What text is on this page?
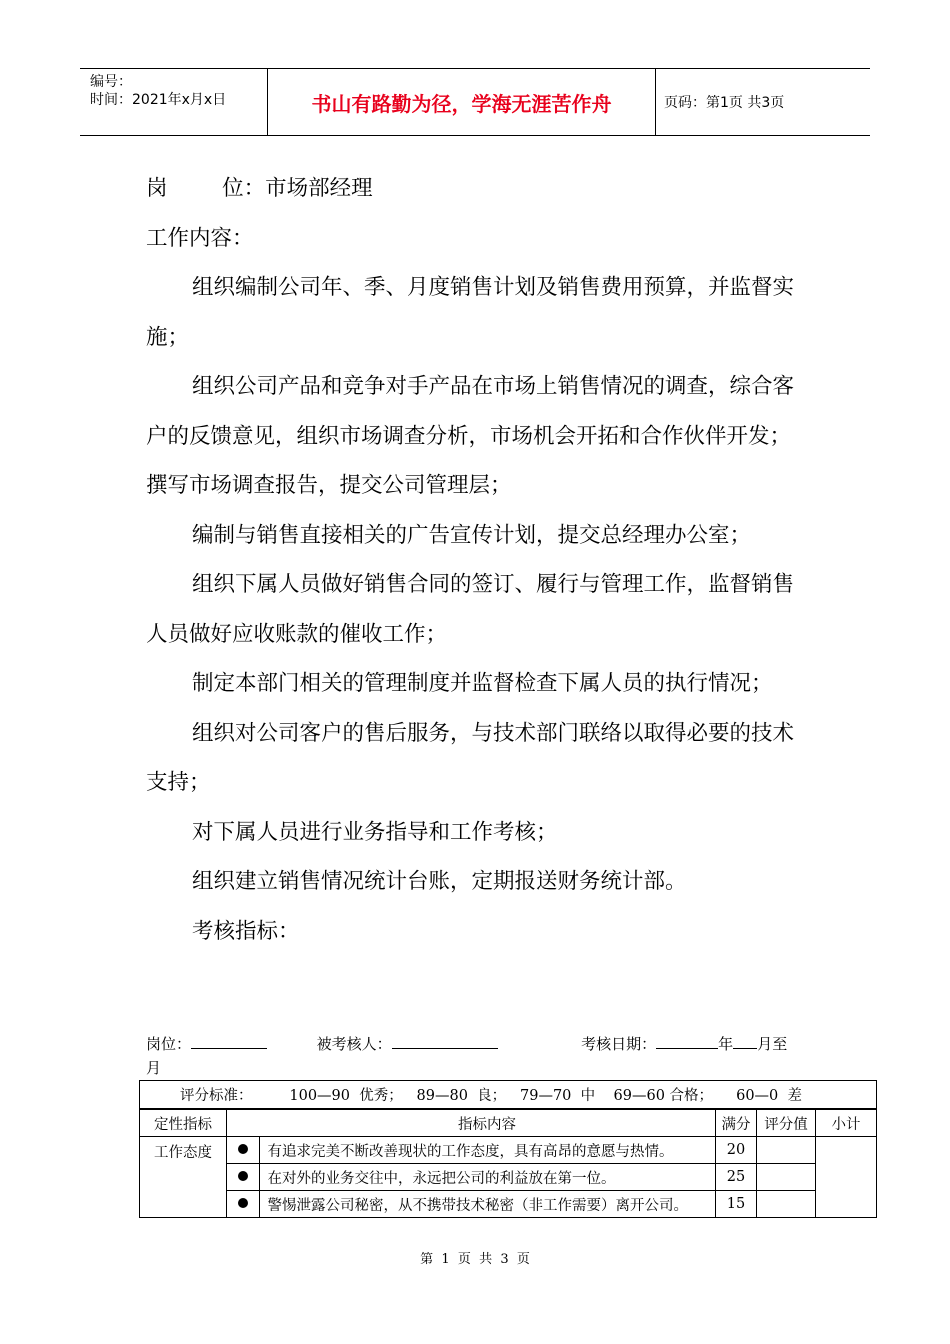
编号：
时间：2021年x月x日	书山有路勤为径，学海无涯苦作舟	页码：第1页 共3页

岗        位：市场部经理

工作内容：

组织编制公司年、季、月度销售计划及销售费用预算，并监督实施；

组织公司产品和竞争对手产品在市场上销售情况的调查，综合客户的反馈意见，组织市场调查分析，市场机会开拓和合作伙伴开发；撰写市场调查报告，提交公司管理层；

编制与销售直接相关的广告宣传计划，提交总经理办公室；

组织下属人员做好销售合同的签订、履行与管理工作，监督销售人员做好应收账款的催收工作；

制定本部门相关的管理制度并监督检查下属人员的执行情况；

组织对公司客户的售后服务，与技术部门联络以取得必要的技术支持；

对下属人员进行业务指导和工作考核；

组织建立销售情况统计台账，定期报送财务统计部。

考核指标：

岗位：	被考核人：	考核日期：	年 月至
月
评分标准：        100—90  优秀；   89—80  良；   79—70  中    69—60 合格；     60—0  差					
定性指标		指标内容	满分	评分值	小计
工作态度		有追求完美不断改善现状的工作态度，具有高昂的意愿与热情。	20		
		在对外的业务交往中，永远把公司的利益放在第一位。	25		
		警惕泄露公司秘密，从不携带技术秘密（非工作需要）离开公司。	15		
第  1  页  共  3  页
